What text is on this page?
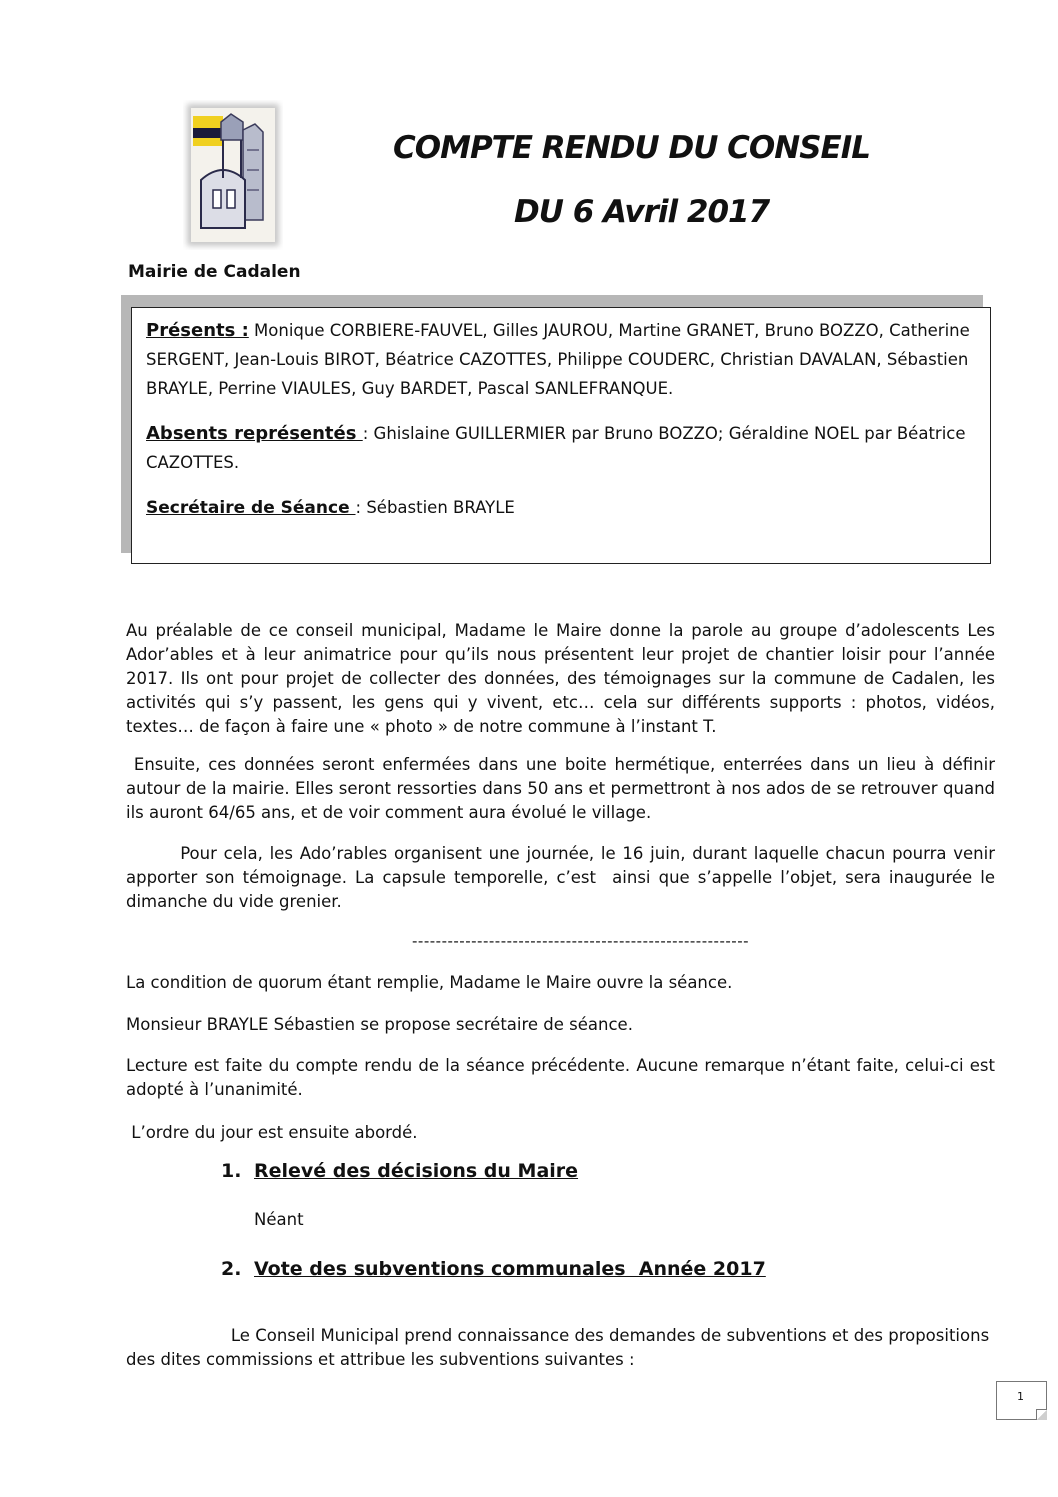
COMPTE RENDU DU CONSEIL
DU 6 Avril 2017
Mairie de Cadalen

Présents : Monique CORBIERE-FAUVEL, Gilles JAUROU, Martine GRANET, Bruno BOZZO, Catherine SERGENT, Jean-Louis BIROT, Béatrice CAZOTTES, Philippe COUDERC, Christian DAVALAN, Sébastien BRAYLE, Perrine VIAULES, Guy BARDET, Pascal SANLEFRANQUE.

Absents représentés : Ghislaine GUILLERMIER par Bruno BOZZO; Géraldine NOEL par Béatrice CAZOTTES.

Secrétaire de Séance : Sébastien BRAYLE

Au préalable de ce conseil municipal, Madame le Maire donne la parole au groupe d’adolescents Les Ador’ables et à leur animatrice pour qu’ils nous présentent leur projet de chantier loisir pour l’année 2017. Ils ont pour projet de collecter des données, des témoignages sur la commune de Cadalen, les activités qui s’y passent, les gens qui y vivent, etc… cela sur différents supports : photos, vidéos, textes… de façon à faire une « photo » de notre commune à l’instant T.

Ensuite, ces données seront enfermées dans une boite hermétique, enterrées dans un lieu à définir autour de la mairie. Elles seront ressorties dans 50 ans et permettront à nos ados de se retrouver quand ils auront 64/65 ans, et de voir comment aura évolué le village.

Pour cela, les Ado’rables organisent une journée, le 16 juin, durant laquelle chacun pourra venir apporter son témoignage. La capsule temporelle, c’est  ainsi que s’appelle l’objet, sera inaugurée le dimanche du vide grenier.

---------------------------------------------------------

La condition de quorum étant remplie, Madame le Maire ouvre la séance.

Monsieur BRAYLE Sébastien se propose secrétaire de séance.

Lecture est faite du compte rendu de la séance précédente. Aucune remarque n’étant faite, celui-ci est adopté à l’unanimité.

L’ordre du jour est ensuite abordé.

1. Relevé des décisions du Maire
Néant
2. Vote des subventions communales  Année 2017

Le Conseil Municipal prend connaissance des demandes de subventions et des propositions des dites commissions et attribue les subventions suivantes :

1
